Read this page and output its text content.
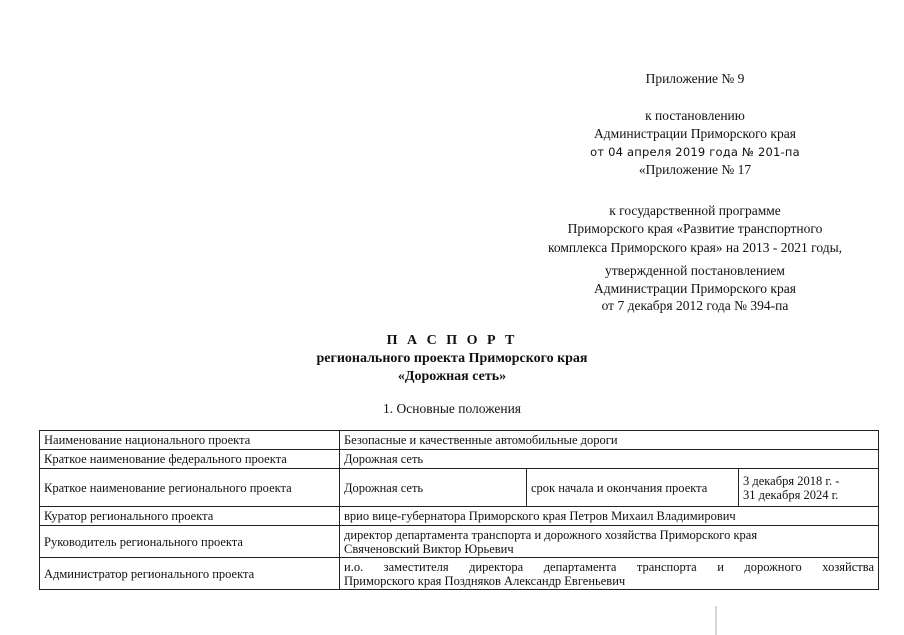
Приложение № 9
к постановлению
Администрации Приморского края
от 04 апреля 2019 года № 201-па
«Приложение № 17
к государственной программе
Приморского края «Развитие транспортного
комплекса Приморского края» на 2013 - 2021 годы,
утвержденной постановлением
Администрации Приморского края
от 7 декабря 2012 года № 394-па
П А С П О Р Т
регионального проекта Приморского края
«Дорожная сеть»
1. Основные положения
Наименование национального проекта	Безопасные и качественные автомобильные дороги		
Краткое наименование федерального проекта	Дорожная сеть		
Краткое наименование регионального проекта	Дорожная сеть	срок начала и окончания проекта	3 декабря 2018 г. -
31 декабря 2024 г.

Куратор регионального проекта	врио вице-губернатора Приморского края Петров Михаил Владимирович		
Руководитель регионального проекта	директор департамента транспорта и дорожного хозяйства Приморского края
Свяченовский Виктор Юрьевич		

Администратор регионального проекта	и.о. заместителя директора департамента транспорта и дорожного хозяйства
Приморского края Поздняков Александр Евгеньевич		
